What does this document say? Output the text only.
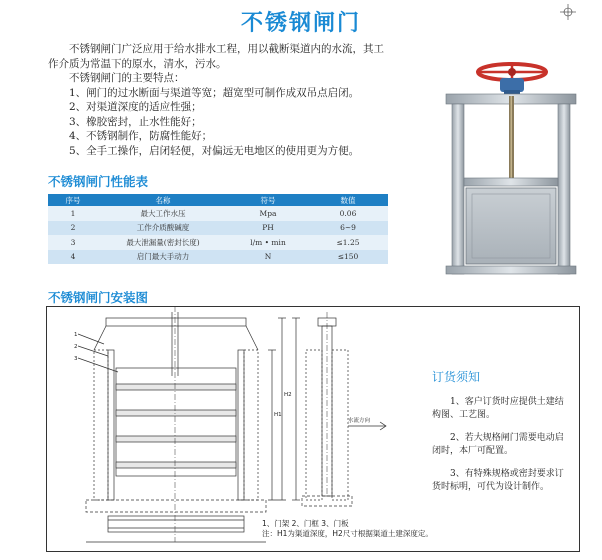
不锈钢闸门

不锈钢闸门广泛应用于给水排水工程，用以截断渠道内的水流，其工

作介质为常温下的原水，清水，污水。

不锈钢闸门的主要特点：

1、闸门的过水断面与渠道等宽；超宽型可制作成双吊点启闭。

2、对渠道深度的适应性强；

3、橡胶密封，止水性能好；

4、不锈钢制作，防腐性能好；

5、全手工操作，启闭轻便，对偏远无电地区的使用更为方便。

不锈钢闸门性能表
序号	名称	符号	数值
1	最大工作水压	Mpa	0.06
2	工作介质酸碱度	PH	6~9
3	最大泄漏量(密封长度)	l/m • min	≤1.25
4	启门最大手动力	N	≤150
不锈钢闸门安装图
1
2
3
H1
H2
水流方向
订货须知

1、客户订货时应提供土建结构图、工艺图。

2、若大规格闸门需要电动启闭时，本厂可配置。

3、有特殊规格或密封要求订货时标明，可代为设计制作。

1、门架 2、门框 3、门板
注：H1为渠道深度，H2尺寸根据渠道土建深度定。
